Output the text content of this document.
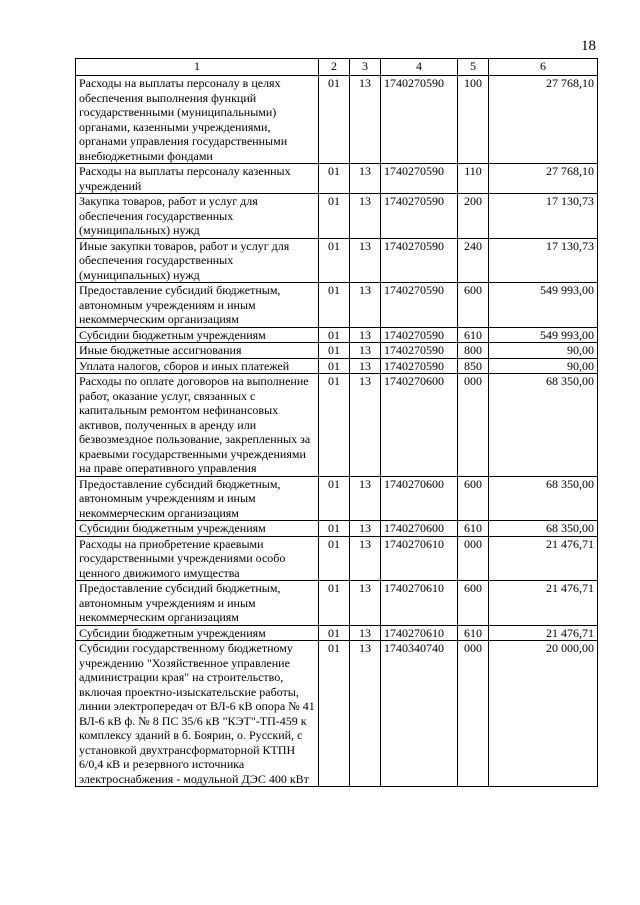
18
1	2	3	4	5	6
Расходы на выплаты персоналу в целях обеспечения выполнения функций государственными (муниципальными) органами, казенными учреждениями, органами управления государственными внебюджетными фондами	01	13	1740270590	100	27 768,10
Расходы на выплаты персоналу казенных учреждений	01	13	1740270590	110	27 768,10
Закупка товаров, работ и услуг для обеспечения государственных (муниципальных) нужд	01	13	1740270590	200	17 130,73
Иные закупки товаров, работ и услуг для обеспечения государственных (муниципальных) нужд	01	13	1740270590	240	17 130,73
Предоставление субсидий бюджетным, автономным учреждениям и иным некоммерческим организациям	01	13	1740270590	600	549 993,00
Субсидии бюджетным учреждениям	01	13	1740270590	610	549 993,00
Иные бюджетные ассигнования	01	13	1740270590	800	90,00
Уплата налогов, сборов и иных платежей	01	13	1740270590	850	90,00
Расходы по оплате договоров на выполнение работ, оказание услуг, связанных с капитальным ремонтом нефинансовых активов, полученных в аренду или безвозмездное пользование, закрепленных за краевыми государственными учреждениями на праве оперативного управления	01	13	1740270600	000	68 350,00
Предоставление субсидий бюджетным, автономным учреждениям и иным некоммерческим организациям	01	13	1740270600	600	68 350,00
Субсидии бюджетным учреждениям	01	13	1740270600	610	68 350,00
Расходы на приобретение краевыми государственными учреждениями особо ценного движимого имущества	01	13	1740270610	000	21 476,71
Предоставление субсидий бюджетным, автономным учреждениям и иным некоммерческим организациям	01	13	1740270610	600	21 476,71
Субсидии бюджетным учреждениям	01	13	1740270610	610	21 476,71
Субсидии государственному бюджетному учреждению "Хозяйственное управление администрации края" на строительство, включая проектно-изыскательские работы, линии электропередач от ВЛ-6 кВ опора № 41 ВЛ-6 кВ ф. № 8 ПС 35/6 кВ "КЭТ"-ТП-459 к комплексу зданий в б. Боярин, о. Русский, с установкой двухтрансформаторной КТПН 6/0,4 кВ и резервного источника электроснабжения - модульной ДЭС 400 кВт	01	13	1740340740	000	20 000,00
